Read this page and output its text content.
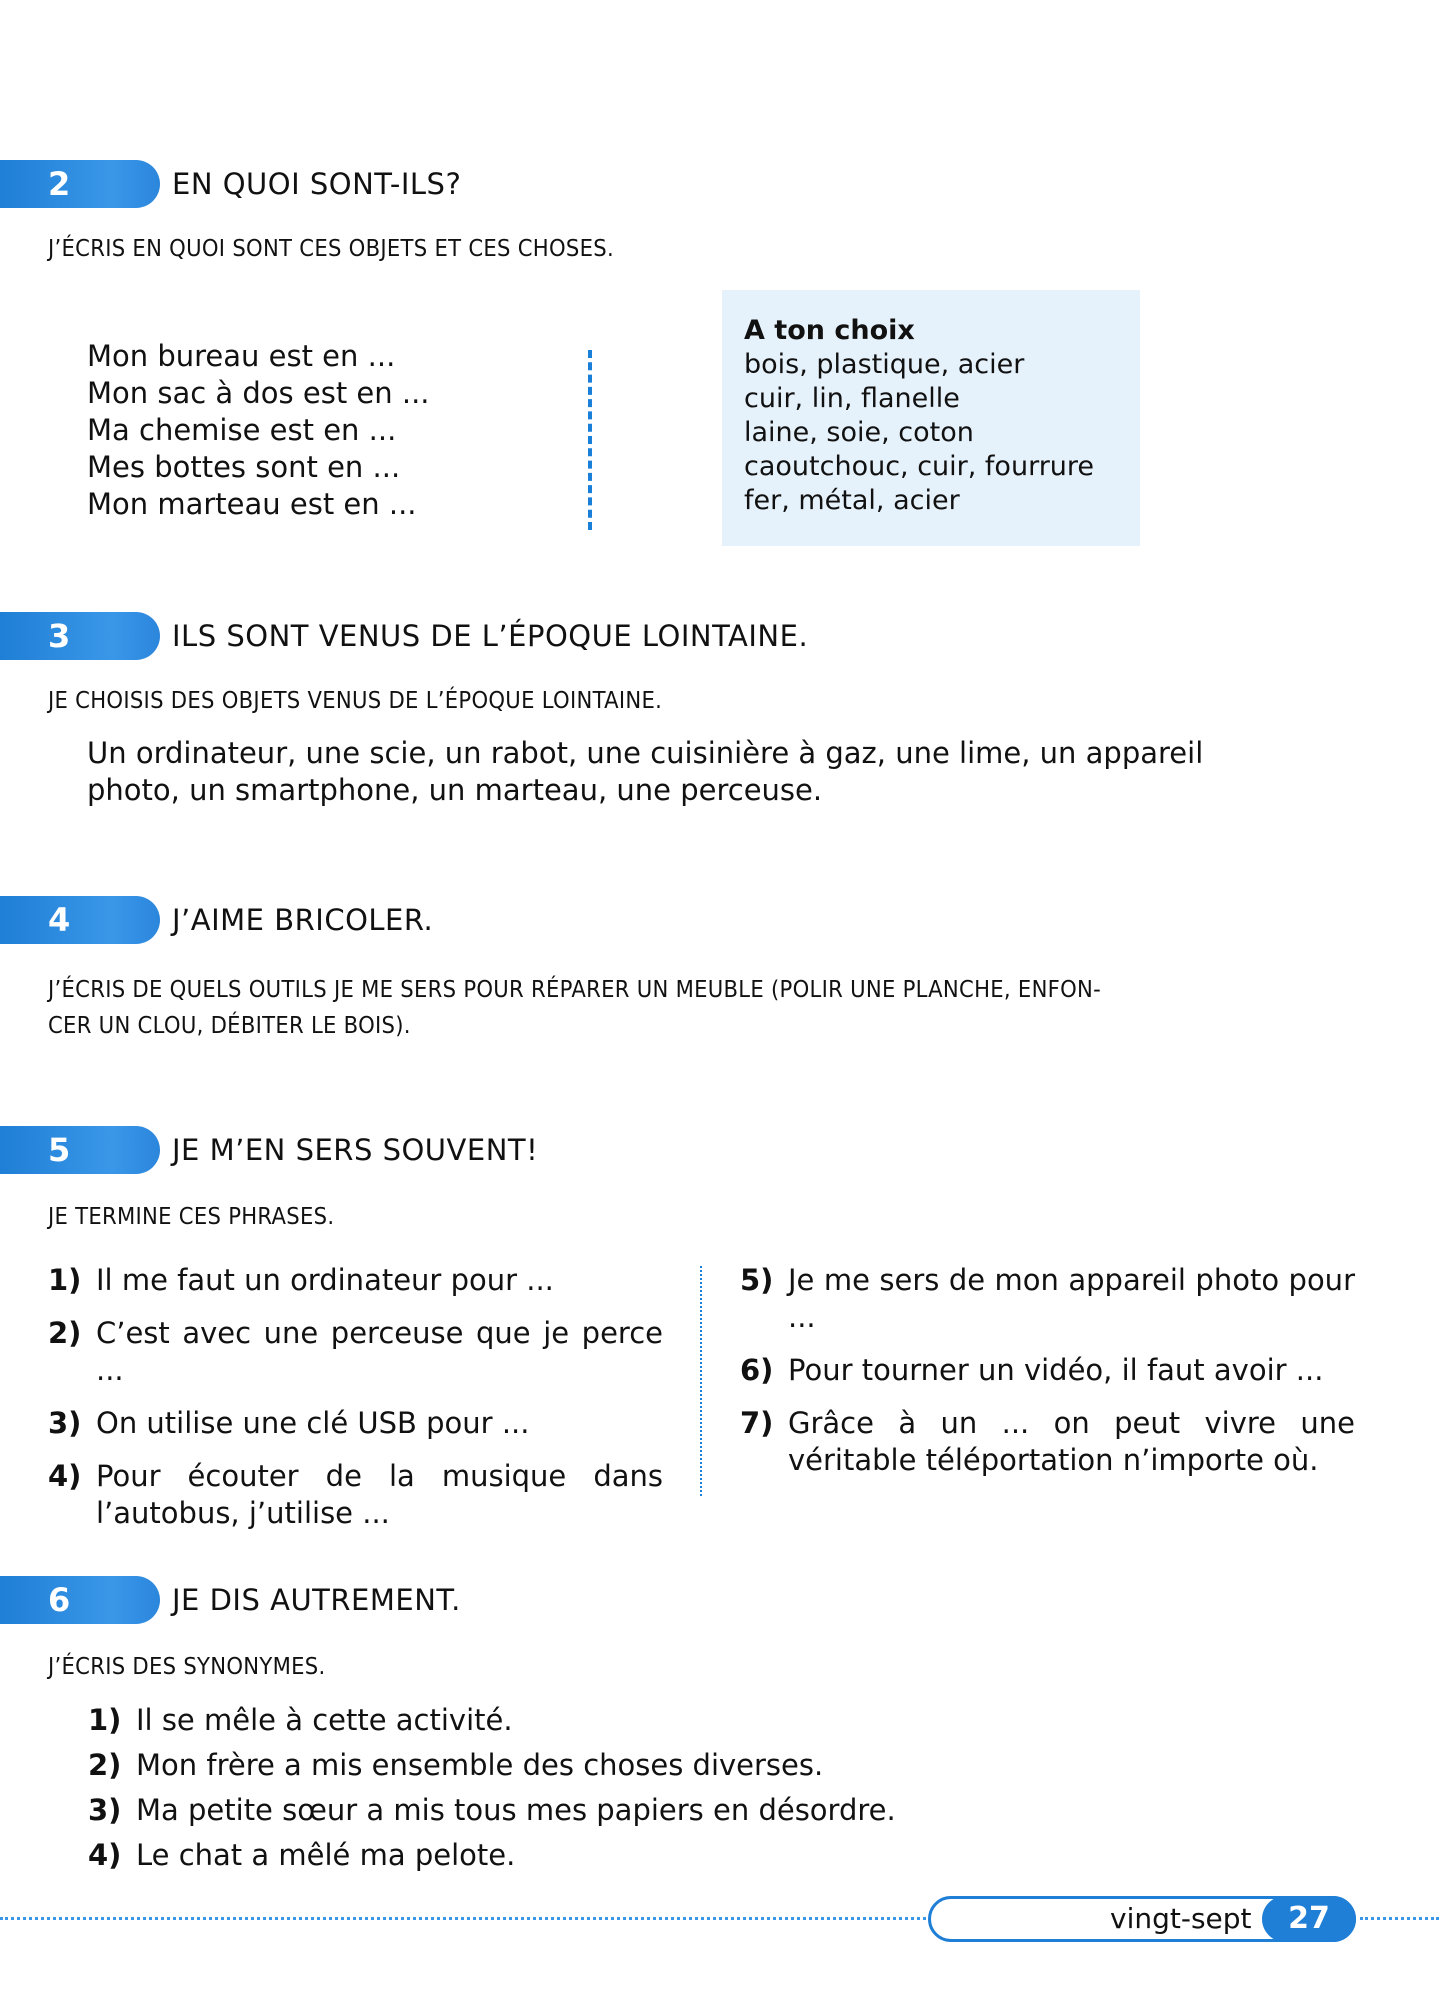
2	EN QUOI SONT-ILS?
J’ÉCRIS EN QUOI SONT CES OBJETS ET CES CHOSES.
Mon bureau est en ...
Mon sac à dos est en ...
Ma chemise est en ...
Mes bottes sont en ...
Mon marteau est en ...
A ton choix
bois, plastique, acier
cuir, lin, flanelle
laine, soie, coton
caoutchouc, cuir, fourrure
fer, métal, acier
3	ILS SONT VENUS DE L’ÉPOQUE LOINTAINE.
JE CHOISIS DES OBJETS VENUS DE L’ÉPOQUE LOINTAINE.
Un ordinateur, une scie, un rabot, une cuisinière à gaz, une lime, un appareil
photo, un smartphone, un marteau, une perceuse.
4	J’AIME BRICOLER.
J’ÉCRIS DE QUELS OUTILS JE ME SERS POUR RÉPARER UN MEUBLE (POLIR UNE PLANCHE, ENFON-
CER UN CLOU, DÉBITER LE BOIS).
5	JE M’EN SERS SOUVENT!
JE TERMINE CES PHRASES.
1) Il me faut un ordinateur pour ...
2) C’est avec une perceuse que je perce ...
3) On utilise une clé USB pour ...
4) Pour écouter de la musique dans l’autobus, j’utilise ...
5) Je me sers de mon appareil photo pour ...
6) Pour tourner un vidéo, il faut avoir ...
7) Grâce à un ... on peut vivre une véritable téléportation n’importe où.
6	JE DIS AUTREMENT.
J’ÉCRIS DES SYNONYMES.
1) Il se mêle à cette activité.
2) Mon frère a mis ensemble des choses diverses.
3) Ma petite sœur a mis tous mes papiers en désordre.
4) Le chat a mêlé ma pelote.
vingt-sept	27
